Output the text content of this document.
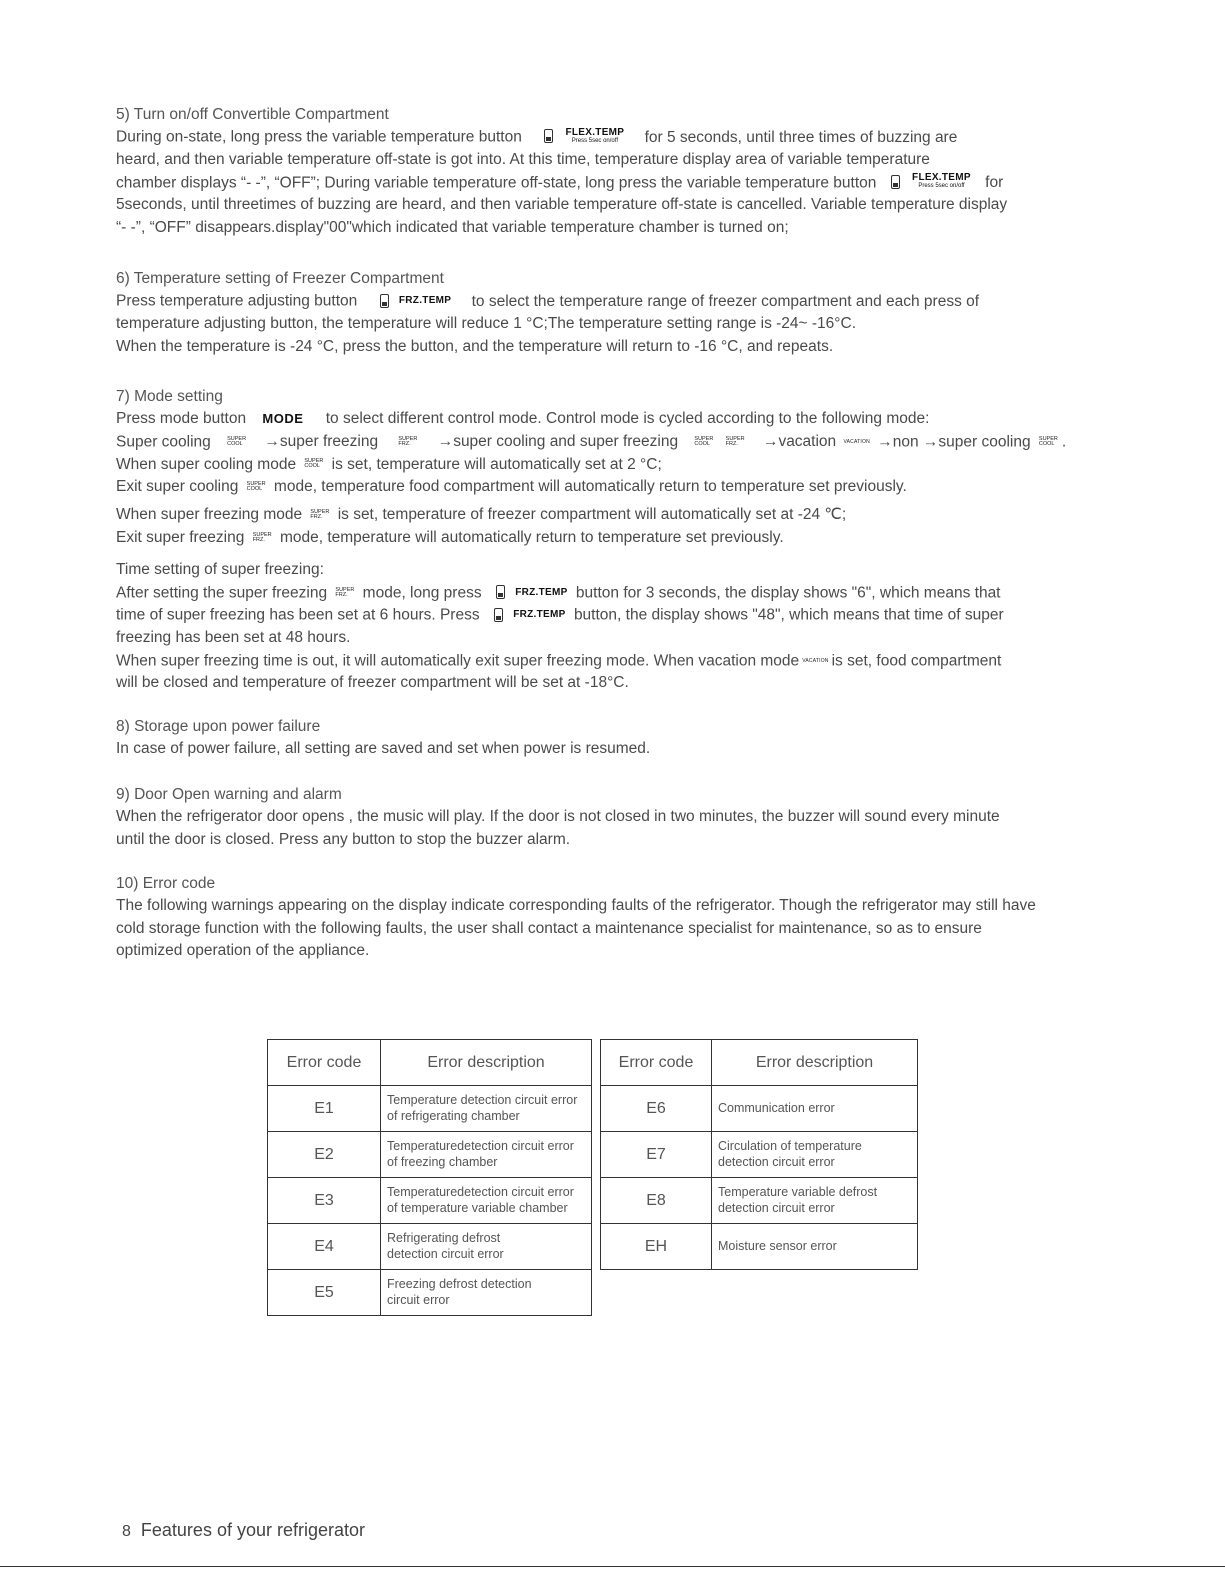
5) Turn on/off Convertible Compartment

During on-state, long press the variable temperature button	FLEX.TEMP
Press 5sec on/off	for 5 seconds, until three times of buzzing are

heard, and then variable temperature off-state is got into. At this time, temperature display area of variable temperature

chamber displays “- -”, “OFF”; During variable temperature off-state, long press the variable temperature button	FLEX.TEMP
Press 5sec on/off	for

5seconds, until threetimes of buzzing are heard, and then variable temperature off-state is cancelled. Variable temperature display

“- -”, “OFF” disappears.display"00"which indicated that variable temperature chamber is turned on;

6) Temperature setting of Freezer Compartment

Press temperature adjusting button	FRZ.TEMP to select the temperature range of freezer compartment and each press of

temperature adjusting button, the temperature will reduce 1 °C;The temperature setting range is -24~ -16°C.

When the temperature is -24 °C, press the button, and the temperature will return to -16 °C, and repeats.

7) Mode setting

Press mode button MODE to select different control mode. Control mode is cycled according to the following mode:

Super cooling	SUPER
COOL →super freezing	SUPER
FRZ.	→super cooling and super freezing	SUPER
COOL

SUPER
FRZ.	→vacation VACATION →non →super cooling SUPER
COOL .

When super cooling mode SUPER
COOL is set, temperature will automatically set at 2 °C;

Exit super cooling SUPER
COOL mode, temperature food compartment will automatically return to temperature set previously.

When super freezing mode SUPER
FRZ. is set, temperature of freezer compartment will automatically set at -24 ℃;

Exit super freezing SUPER
FRZ. mode, temperature will automatically return to temperature set previously.

Time setting of super freezing:

After setting the super freezing SUPER
FRZ. mode, long press	FRZ.TEMP button for 3 seconds, the display shows "6", which means that

time of super freezing has been set at 6 hours. Press	FRZ.TEMP button, the display shows "48", which means that time of super

freezing has been set at 48 hours.

When super freezing time is out, it will automatically exit super freezing mode. When vacation mode VACATION is set, food compartment

will be closed and temperature of freezer compartment will be set at -18°C.

8) Storage upon power failure

In case of power failure, all setting are saved and set when power is resumed.

9) Door Open warning and alarm

When the refrigerator door opens , the music will play. If the door is not closed in two minutes, the buzzer will sound every minute

until the door is closed. Press any button to stop the buzzer alarm.

10) Error code

The following warnings appearing on the display indicate corresponding faults of the refrigerator. Though the refrigerator may still have

cold storage function with the following faults, the user shall contact a maintenance specialist for maintenance, so as to ensure

optimized operation of the appliance.

Error code	Error description
E1	Temperature detection circuit error
of refrigerating chamber
E2	Temperaturedetection circuit error
of freezing chamber
E3	Temperaturedetection circuit error
of temperature variable chamber
E4	Refrigerating defrost
detection circuit error
E5	Freezing defrost detection
circuit error
Error code	Error description
E6	Communication error

E7	Circulation of temperature
detection circuit error
E8	Temperature variable defrost
detection circuit error
EH	Moisture sensor error

8 Features of your refrigerator
